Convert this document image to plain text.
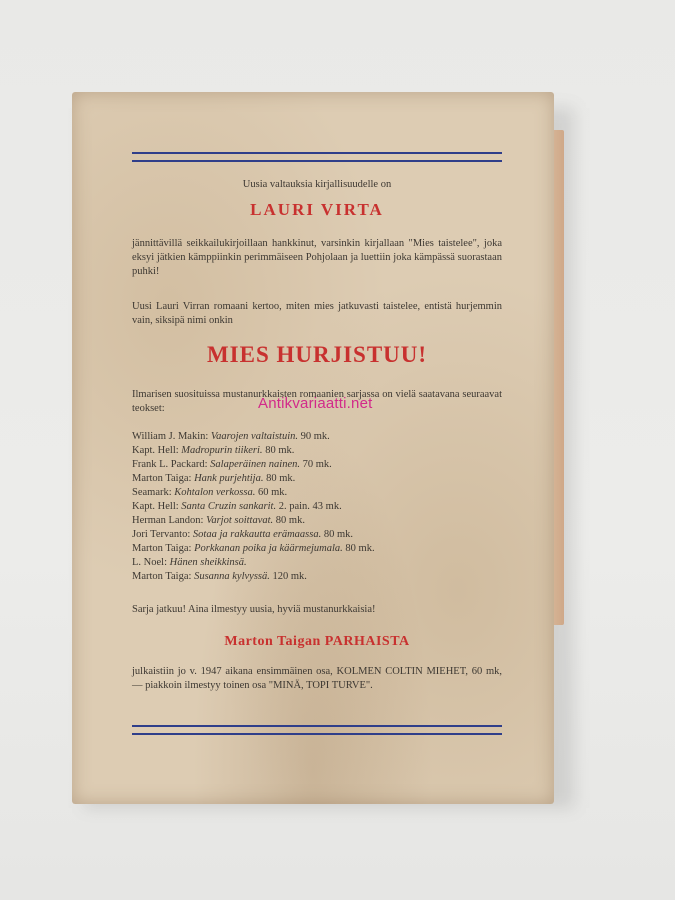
Uusia valtauksia kirjallisuudelle on
LAURI VIRTA
jännittävillä seikkailukirjoillaan hankkinut, varsinkin kirjallaan "Mies taistelee", joka eksyi jätkien kämppiinkin perimmäiseen Pohjolaan ja luettiin joka kämpässä suorastaan puhki!
Uusi Lauri Virran romaani kertoo, miten mies jatkuvasti taistelee, entistä hurjemmin vain, siksipä nimi onkin
MIES HURJISTUU!
Ilmarisen suosituissa mustanurkkaisten romaanien sarjassa on vielä saatavana seuraavat teokset:
William J. Makin: Vaarojen valtaistuin. 90 mk.
Kapt. Hell: Madropurin tiikeri. 80 mk.
Frank L. Packard: Salaperäinen nainen. 70 mk.
Marton Taiga: Hank purjehtija. 80 mk.
Seamark: Kohtalon verkossa. 60 mk.
Kapt. Hell: Santa Cruzin sankarit. 2. pain. 43 mk.
Herman Landon: Varjot soittavat. 80 mk.
Jori Tervanto: Sotaa ja rakkautta erämaassa. 80 mk.
Marton Taiga: Porkkanan poika ja käärmejumala. 80 mk.
L. Noel: Hänen sheikkinsä.
Marton Taiga: Susanna kylvyssä. 120 mk.
Sarja jatkuu! Aina ilmestyy uusia, hyviä mustanurkkaisia!
Marton Taigan PARHAISTA
julkaistiin jo v. 1947 aikana ensimmäinen osa, KOLMEN COLTIN MIEHET, 60 mk, — piakkoin ilmestyy toinen osa "MINÄ, TOPI TURVE".
Antikvariaatti.net
